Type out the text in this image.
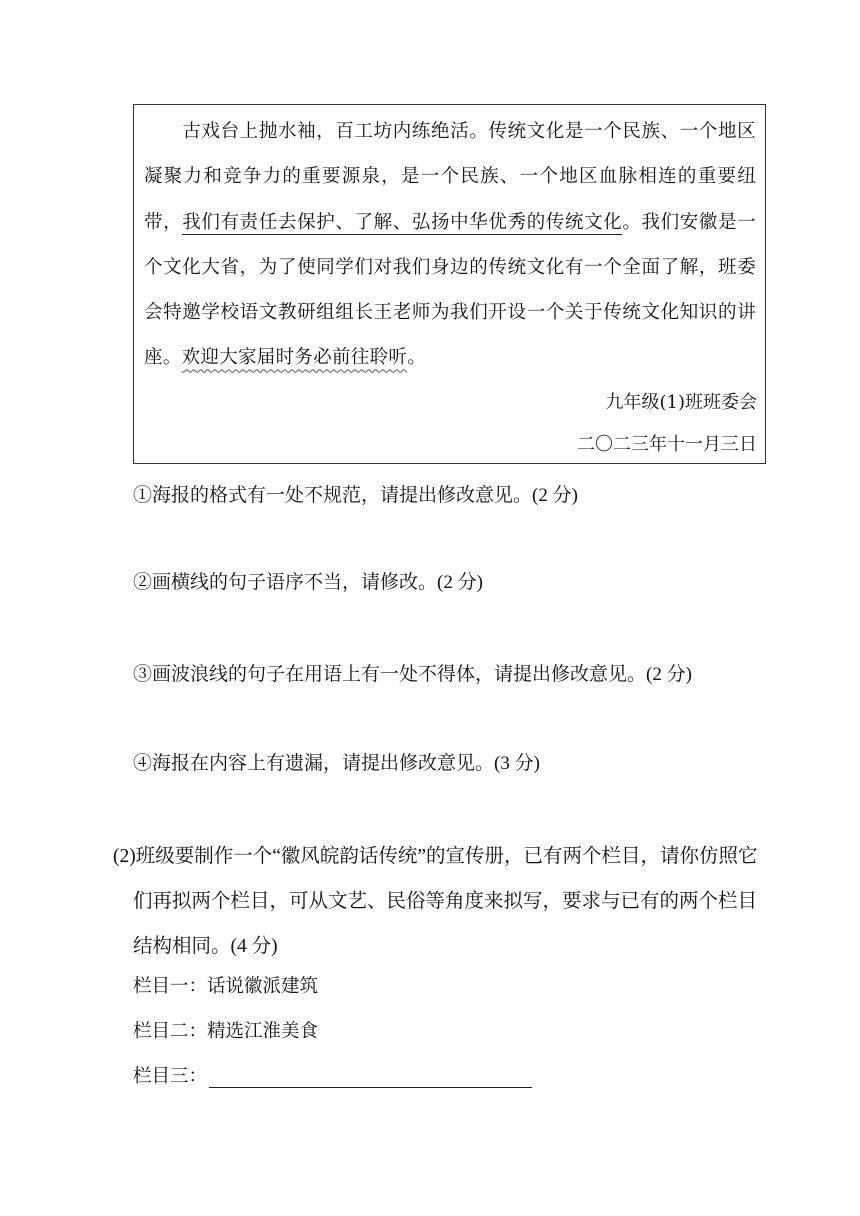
古戏台上抛水袖，百工坊内练绝活。传统文化是一个民族、一个地区凝聚力和竞争力的重要源泉，是一个民族、一个地区血脉相连的重要纽带，我们有责任去保护、了解、弘扬中华优秀的传统文化。我们安徽是一个文化大省，为了使同学们对我们身边的传统文化有一个全面了解，班委会特邀学校语文教研组组长王老师为我们开设一个关于传统文化知识的讲座。欢迎大家届时务必前往聆听。
九年级(1)班班委会
二〇二三年十一月三日
①海报的格式有一处不规范，请提出修改意见。(2 分)
②画横线的句子语序不当，请修改。(2 分)
③画波浪线的句子在用语上有一处不得体，请提出修改意见。(2 分)
④海报在内容上有遗漏，请提出修改意见。(3 分)
(2)班级要制作一个“徽风皖韵话传统”的宣传册，已有两个栏目，请你仿照它
们再拟两个栏目，可从文艺、民俗等角度来拟写，要求与已有的两个栏目
结构相同。(4 分)
栏目一：话说徽派建筑
栏目二：精选江淮美食
栏目三：
